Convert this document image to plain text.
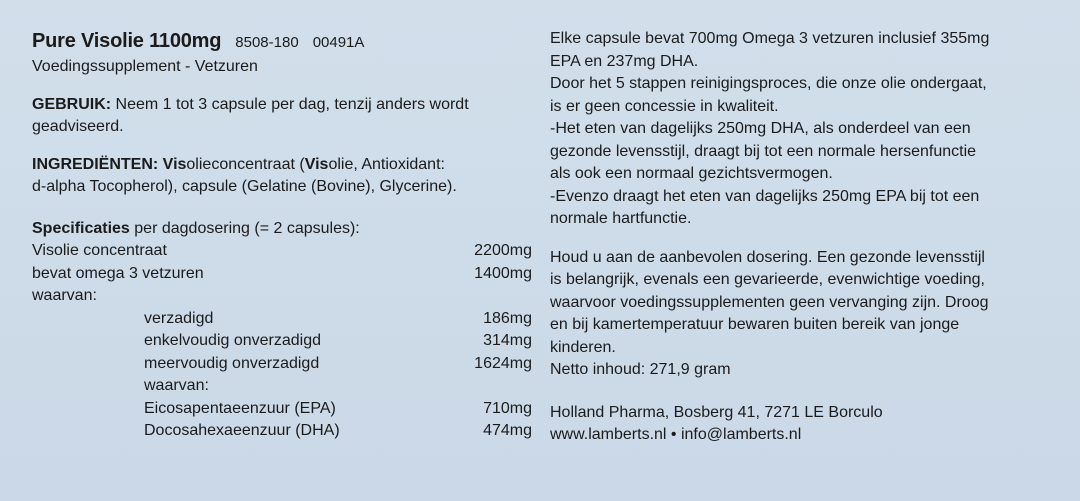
Pure Visolie 1100mg 8508-180 00491A
Voedingssupplement - Vetzuren
GEBRUIK: Neem 1 tot 3 capsule per dag, tenzij anders wordt
geadviseerd.
INGREDIËNTEN: Visolieconcentraat (Visolie, Antioxidant:
d-alpha Tocopherol), capsule (Gelatine (Bovine), Glycerine).
Specificaties per dagdosering (= 2 capsules):
Visolie concentraat	2200mg
bevat omega 3 vetzuren	1400mg
waarvan:
verzadigd	186mg
enkelvoudig onverzadigd	314mg
meervoudig onverzadigd	1624mg
waarvan:
Eicosapentaeenzuur (EPA)	710mg
Docosahexaeenzuur (DHA)	474mg
Elke capsule bevat 700mg Omega 3 vetzuren inclusief 355mg
EPA en 237mg DHA.
Door het 5 stappen reinigingsproces, die onze olie ondergaat,
is er geen concessie in kwaliteit.
-Het eten van dagelijks 250mg DHA, als onderdeel van een
gezonde levensstijl, draagt bij tot een normale hersenfunctie
als ook een normaal gezichtsvermogen.
-Evenzo draagt het eten van dagelijks 250mg EPA bij tot een
normale hartfunctie.
Houd u aan de aanbevolen dosering. Een gezonde levensstijl
is belangrijk, evenals een gevarieerde, evenwichtige voeding,
waarvoor voedingssupplementen geen vervanging zijn. Droog
en bij kamertemperatuur bewaren buiten bereik van jonge
kinderen.
Netto inhoud: 271,9 gram
Holland Pharma, Bosberg 41, 7271 LE Borculo
www.lamberts.nl • info@lamberts.nl
